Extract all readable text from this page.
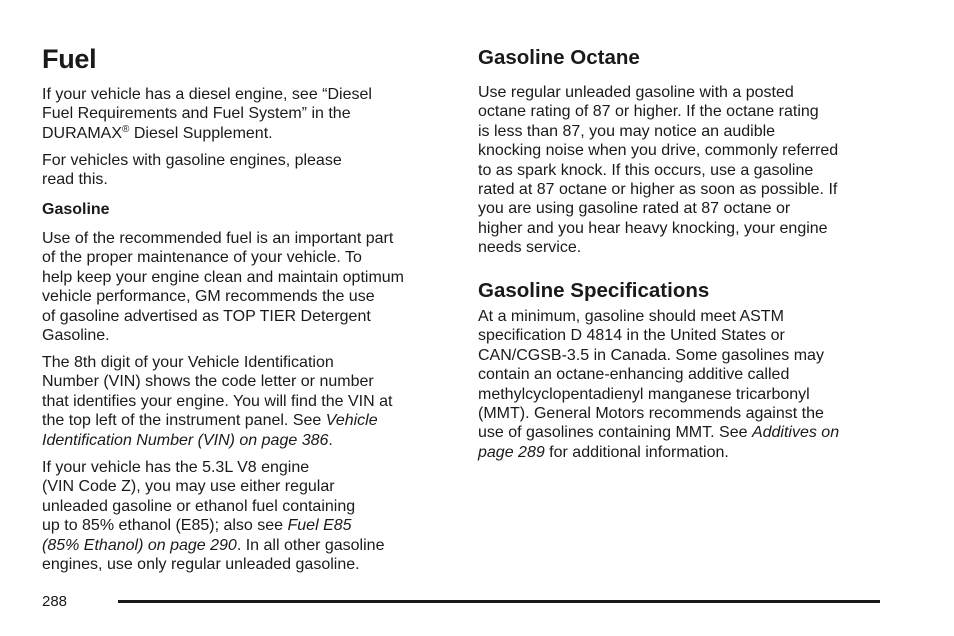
Fuel

If your vehicle has a diesel engine, see “Diesel
Fuel Requirements and Fuel System” in the
DURAMAX® Diesel Supplement.

For vehicles with gasoline engines, please
read this.

Gasoline

Use of the recommended fuel is an important part
of the proper maintenance of your vehicle. To
help keep your engine clean and maintain optimum
vehicle performance, GM recommends the use
of gasoline advertised as TOP TIER Detergent
Gasoline.

The 8th digit of your Vehicle Identification
Number (VIN) shows the code letter or number
that identifies your engine. You will find the VIN at
the top left of the instrument panel. See Vehicle
Identification Number (VIN) on page 386.

If your vehicle has the 5.3L V8 engine
(VIN Code Z), you may use either regular
unleaded gasoline or ethanol fuel containing
up to 85% ethanol (E85); also see Fuel E85
(85% Ethanol) on page 290. In all other gasoline
engines, use only regular unleaded gasoline.

Gasoline Octane

Use regular unleaded gasoline with a posted
octane rating of 87 or higher. If the octane rating
is less than 87, you may notice an audible
knocking noise when you drive, commonly referred
to as spark knock. If this occurs, use a gasoline
rated at 87 octane or higher as soon as possible. If
you are using gasoline rated at 87 octane or
higher and you hear heavy knocking, your engine
needs service.

Gasoline Specifications

At a minimum, gasoline should meet ASTM
specification D 4814 in the United States or
CAN/CGSB-3.5 in Canada. Some gasolines may
contain an octane-enhancing additive called
methylcyclopentadienyl manganese tricarbonyl
(MMT). General Motors recommends against the
use of gasolines containing MMT. See Additives on
page 289 for additional information.

288
